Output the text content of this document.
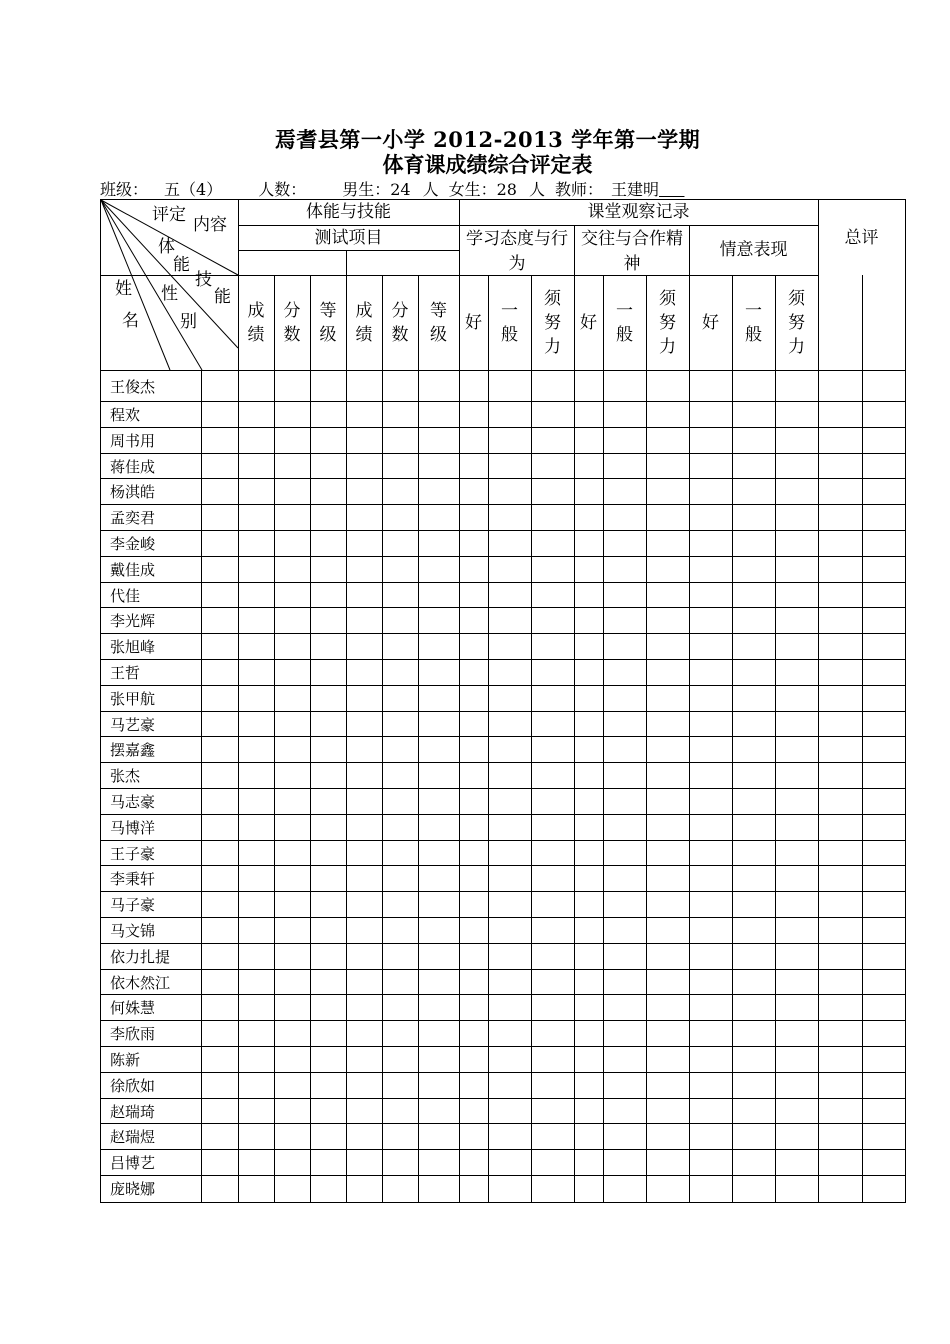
焉耆县第一小学 2012-2013 学年第一学期
体育课成绩综合评定表
班级： 五（4） 人数： 男生：24 人 女生：28 人 教师： 王建明
评定 内容
体
能
技
能
性
别
姓
名
体能与技能
测试项目
课堂观察记录
学习态度与行为
交往与合作精神
情意表现
总评
成绩
分数
等级
成绩
分数
等级
好
一般
须努力
好
一般
须努力
好
一般
须努力
王俊杰
程欢
周书用
蒋佳成
杨淇皓
孟奕君
李金峻
戴佳成
代佳
李光辉
张旭峰
王哲
张甲航
马艺豪
摆嘉鑫
张杰
马志豪
马博洋
王子豪
李秉轩
马子豪
马文锦
依力扎提
依木然江
何姝慧
李欣雨
陈新
徐欣如
赵瑞琦
赵瑞煜
吕博艺
庞晓娜
